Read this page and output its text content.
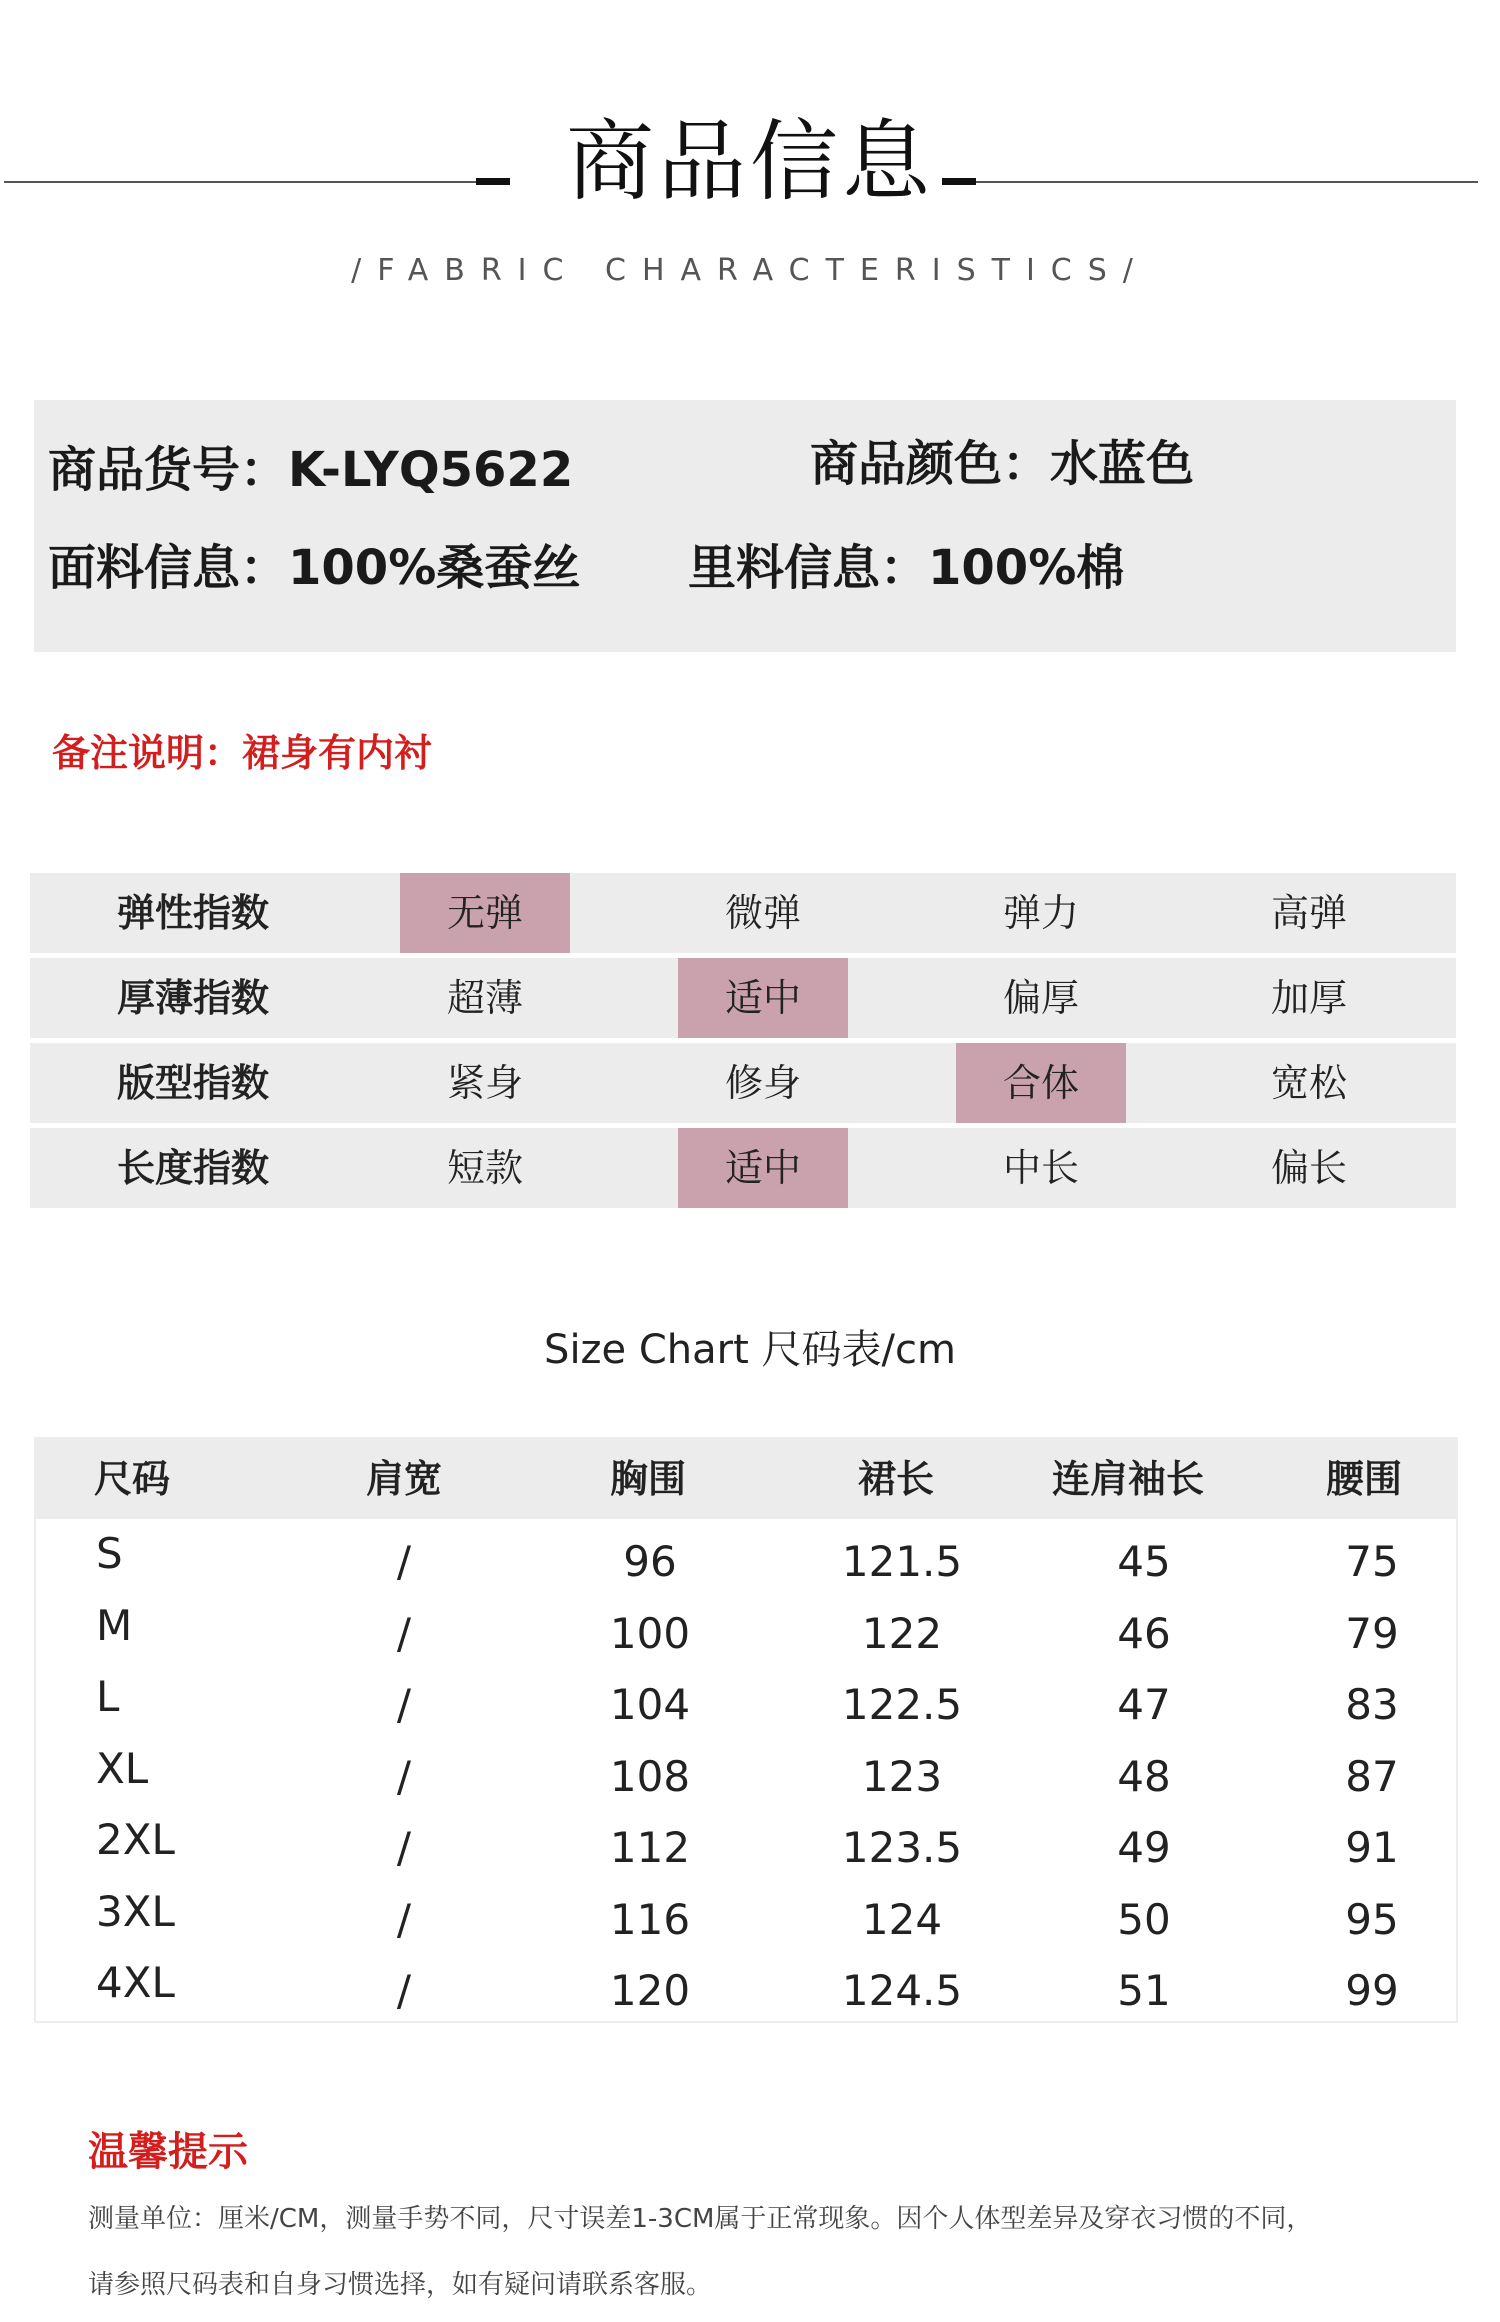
商品信息
/FABRIC CHARACTERISTICS/
商品货号：K-LYQ5622	商品颜色：水蓝色
面料信息：100%桑蚕丝 里料信息：100%棉
备注说明：裙身有内衬
弹性指数	无弹	微弹	弹力	高弹
厚薄指数	超薄	适中	偏厚	加厚
版型指数	紧身	修身	合体	宽松
长度指数	短款	适中	中长	偏长
Size Chart 尺码表/cm
尺码	肩宽	胸围	裙长	连肩袖长	腰围
S	/	96	121.5	45	75
M	/	100	122	46	79
L	/	104	122.5	47	83
XL	/	108	123	48	87
2XL	/	112	123.5	49	91
3XL	/	116	124	50	95
4XL	/	120	124.5	51	99
温馨提示
测量单位：厘米/CM，测量手势不同，尺寸误差1-3CM属于正常现象。因个人体型差异及穿衣习惯的不同，
请参照尺码表和自身习惯选择，如有疑问请联系客服。
